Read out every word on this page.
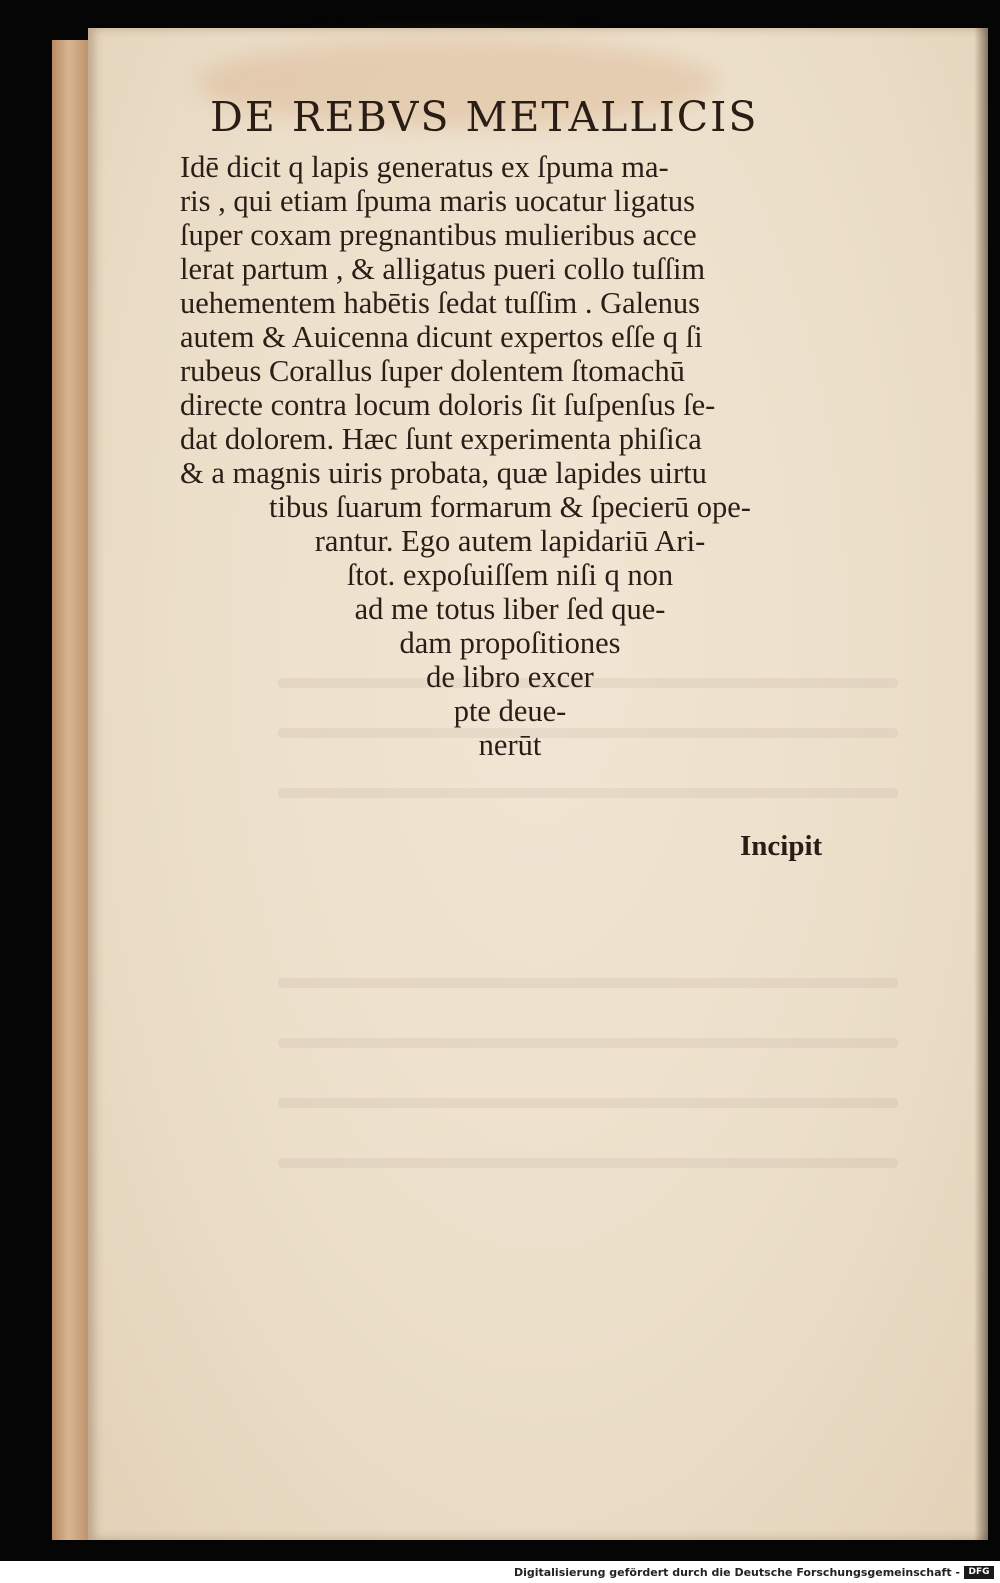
DE REBVS METALLICIS
Idē dicit q lapis generatus ex ſpuma ma-
ris , qui etiam ſpuma maris uocatur ligatus
ſuper coxam pregnantibus mulieribus acce
lerat partum , & alligatus pueri collo tuſſim
uehementem habētis ſedat tuſſim . Galenus
autem & Auicenna dicunt expertos eſſe q ſi
rubeus Corallus ſuper dolentem ſtomachū
directe contra locum doloris ſit ſuſpenſus ſe-
dat dolorem. Hæc ſunt experimenta phiſica
& a magnis uiris probata, quæ lapides uirtu
tibus ſuarum formarum & ſpecierū ope-
rantur. Ego autem lapidariū Ari-
ſtot. expoſuiſſem niſi q non
ad me totus liber ſed que-
dam propoſitiones
de libro excer
pte deue-
nerūt
Incipit
Digitalisierung gefördert durch die Deutsche Forschungsgemeinschaft - DFG
